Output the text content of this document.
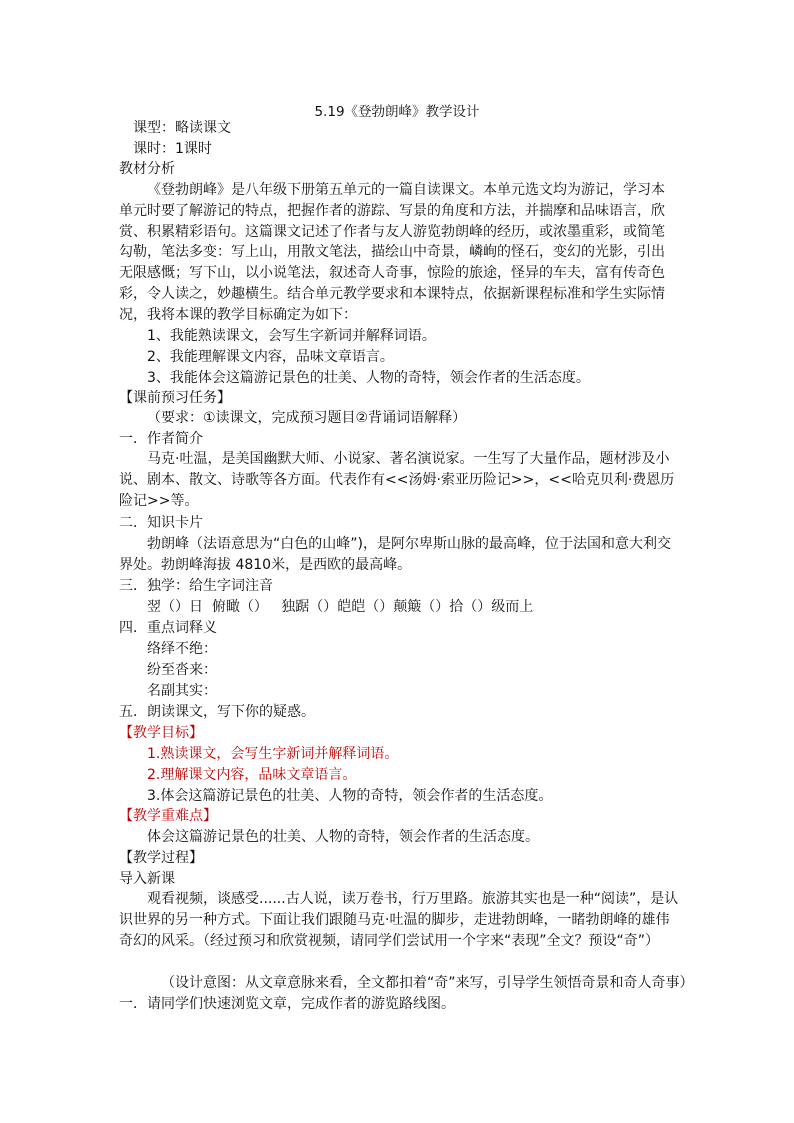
5.19《登勃朗峰》教学设计
课型：略读课文
课时：1课时
教材分析
《登勃朗峰》是八年级下册第五单元的一篇自读课文。本单元选文均为游记，学习本单元时要了解游记的特点，把握作者的游踪、写景的角度和方法，并揣摩和品味语言，欣赏、积累精彩语句。这篇课文记述了作者与友人游览勃朗峰的经历，或浓墨重彩，或简笔勾勒，笔法多变：写上山，用散文笔法，描绘山中奇景，嶙峋的怪石，变幻的光影，引出无限感慨；写下山，以小说笔法，叙述奇人奇事，惊险的旅途，怪异的车夫，富有传奇色彩，令人读之，妙趣横生。结合单元教学要求和本课特点，依据新课程标准和学生实际情况，我将本课的教学目标确定为如下：
1、我能熟读课文，会写生字新词并解释词语。
2、我能理解课文内容，品味文章语言。
3、我能体会这篇游记景色的壮美、人物的奇特，领会作者的生活态度。
【课前预习任务】
（要求：①读课文，完成预习题目②背诵词语解释）
一．作者简介
马克·吐温，是美国幽默大师、小说家、著名演说家。一生写了大量作品，题材涉及小说、剧本、散文、诗歌等各方面。代表作有<<汤姆·索亚历险记>>，<<哈克贝利·费恩历险记>>等。
二．知识卡片
勃朗峰（法语意思为“白色的山峰”)，是阿尔卑斯山脉的最高峰，位于法国和意大利交界处。勃朗峰海拔 4810米，是西欧的最高峰。
三．独学：给生字词注音
翌（）日  俯瞰（）   独踞（）皑皑（）颠簸（）拾（）级而上
四．重点词释义
络绎不绝：
纷至沓来：
名副其实：
五．朗读课文，写下你的疑惑。
【教学目标】
1.熟读课文，会写生字新词并解释词语。
2.理解课文内容，品味文章语言。
3.体会这篇游记景色的壮美、人物的奇特，领会作者的生活态度。
【教学重难点】
体会这篇游记景色的壮美、人物的奇特，领会作者的生活态度。
【教学过程】
导入新课
观看视频，谈感受......古人说，读万卷书，行万里路。旅游其实也是一种“阅读”，是认识世界的另一种方式。下面让我们跟随马克·吐温的脚步，走进勃朗峰，一睹勃朗峰的雄伟奇幻的风采。（经过预习和欣赏视频，请同学们尝试用一个字来“表现”全文？预设“奇”）
（设计意图：从文章意脉来看，全文都扣着“奇”来写，引导学生领悟奇景和奇人奇事）
一．请同学们快速浏览文章，完成作者的游览路线图。
